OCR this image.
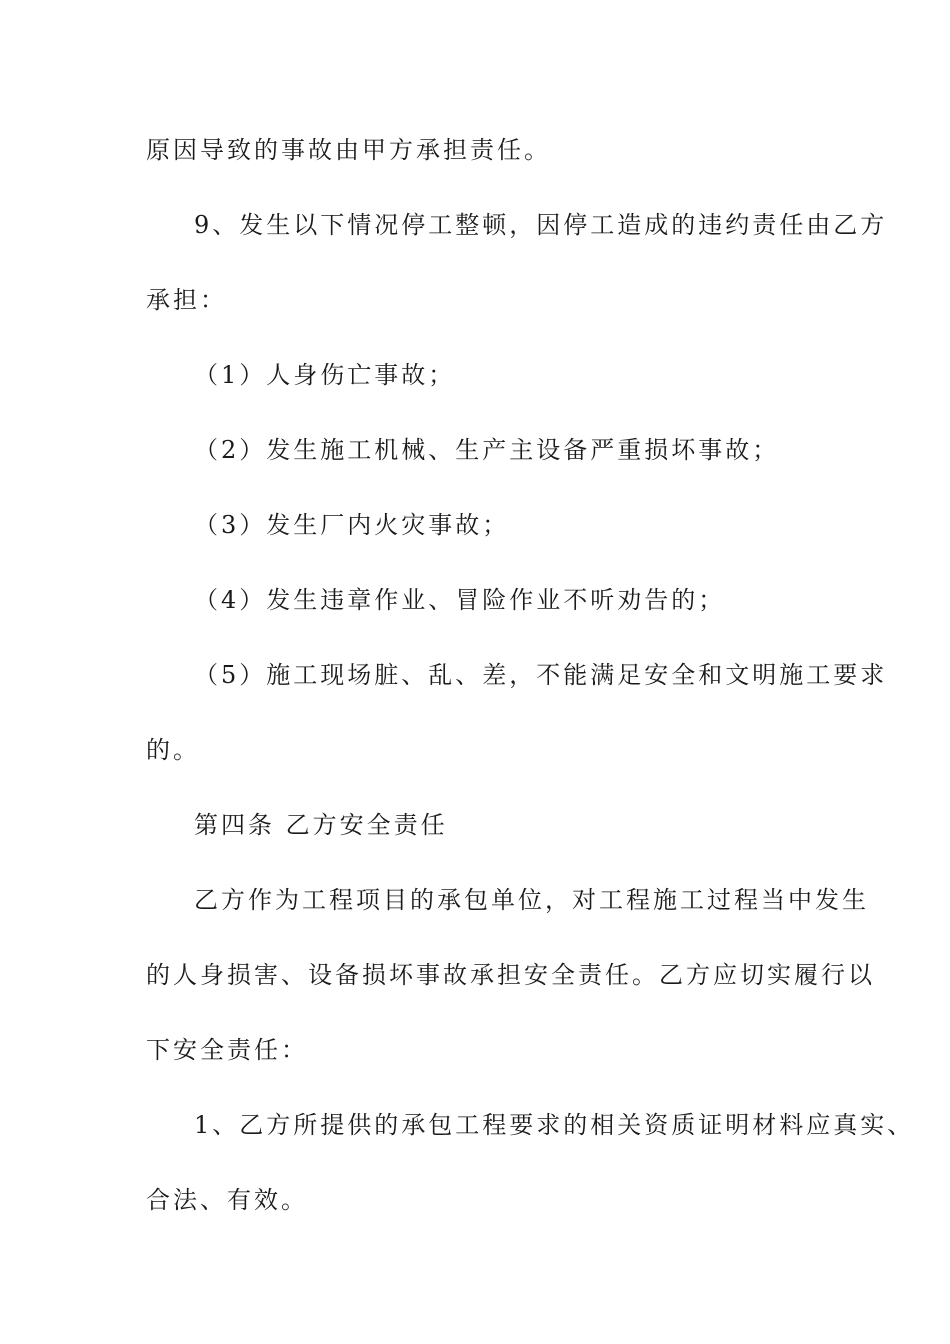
原因导致的事故由甲方承担责任。
9、发生以下情况停工整顿，因停工造成的违约责任由乙方
承担：
（1）人身伤亡事故；
（2）发生施工机械、生产主设备严重损坏事故；
（3）发生厂内火灾事故；
（4）发生违章作业、冒险作业不听劝告的；
（5）施工现场脏、乱、差，不能满足安全和文明施工要求
的。
第四条 乙方安全责任
乙方作为工程项目的承包单位，对工程施工过程当中发生
的人身损害、设备损坏事故承担安全责任。乙方应切实履行以
下安全责任：
1、乙方所提供的承包工程要求的相关资质证明材料应真实、
合法、有效。
